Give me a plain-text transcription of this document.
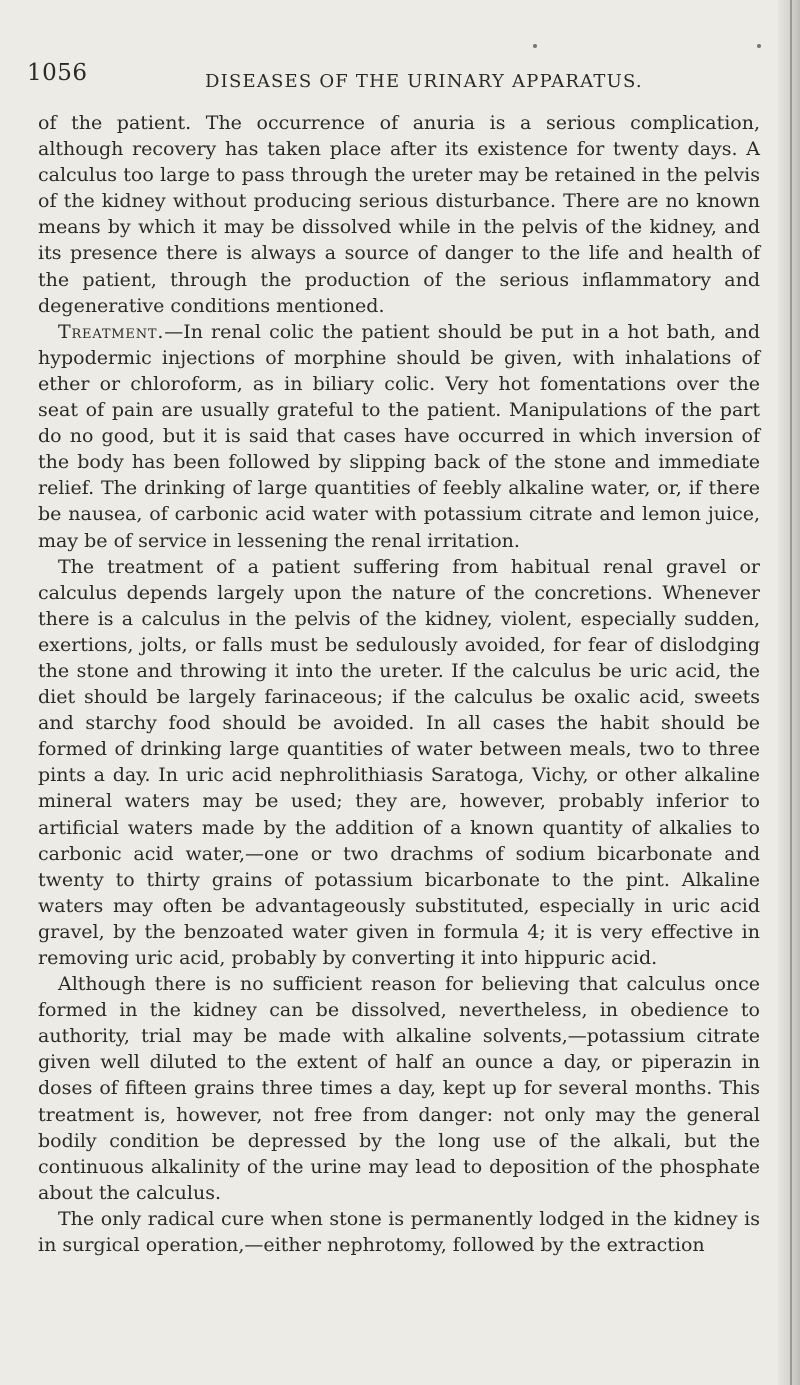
1056	DISEASES OF THE URINARY APPARATUS.

of the patient. The occurrence of anuria is a serious complication, although recovery has taken place after its existence for twenty days. A calculus too large to pass through the ureter may be retained in the pelvis of the kidney without producing serious disturbance. There are no known means by which it may be dissolved while in the pelvis of the kidney, and its presence there is always a source of danger to the life and health of the patient, through the production of the serious inflammatory and degenerative conditions mentioned.

Treatment.—In renal colic the patient should be put in a hot bath, and hypodermic injections of morphine should be given, with inhalations of ether or chloroform, as in biliary colic. Very hot fomentations over the seat of pain are usually grateful to the patient. Manipulations of the part do no good, but it is said that cases have occurred in which inversion of the body has been followed by slipping back of the stone and immediate relief. The drinking of large quantities of feebly alkaline water, or, if there be nausea, of carbonic acid water with potassium citrate and lemon juice, may be of service in lessening the renal irritation.

The treatment of a patient suffering from habitual renal gravel or calculus depends largely upon the nature of the concretions. Whenever there is a calculus in the pelvis of the kidney, violent, especially sudden, exertions, jolts, or falls must be sedulously avoided, for fear of dislodging the stone and throwing it into the ureter. If the calculus be uric acid, the diet should be largely farinaceous; if the calculus be oxalic acid, sweets and starchy food should be avoided. In all cases the habit should be formed of drinking large quantities of water between meals, two to three pints a day. In uric acid nephrolithiasis Saratoga, Vichy, or other alkaline mineral waters may be used; they are, however, probably inferior to artificial waters made by the addition of a known quantity of alkalies to carbonic acid water,—one or two drachms of sodium bicarbonate and twenty to thirty grains of potassium bicarbonate to the pint. Alkaline waters may often be advantageously substituted, especially in uric acid gravel, by the benzoated water given in formula 4; it is very effective in removing uric acid, probably by converting it into hippuric acid.

Although there is no sufficient reason for believing that calculus once formed in the kidney can be dissolved, nevertheless, in obedience to authority, trial may be made with alkaline solvents,—potassium citrate given well diluted to the extent of half an ounce a day, or piperazin in doses of fifteen grains three times a day, kept up for several months. This treatment is, however, not free from danger: not only may the general bodily condition be depressed by the long use of the alkali, but the continuous alkalinity of the urine may lead to deposition of the phosphate about the calculus.

The only radical cure when stone is permanently lodged in the kidney is in surgical operation,—either nephrotomy, followed by the extraction
